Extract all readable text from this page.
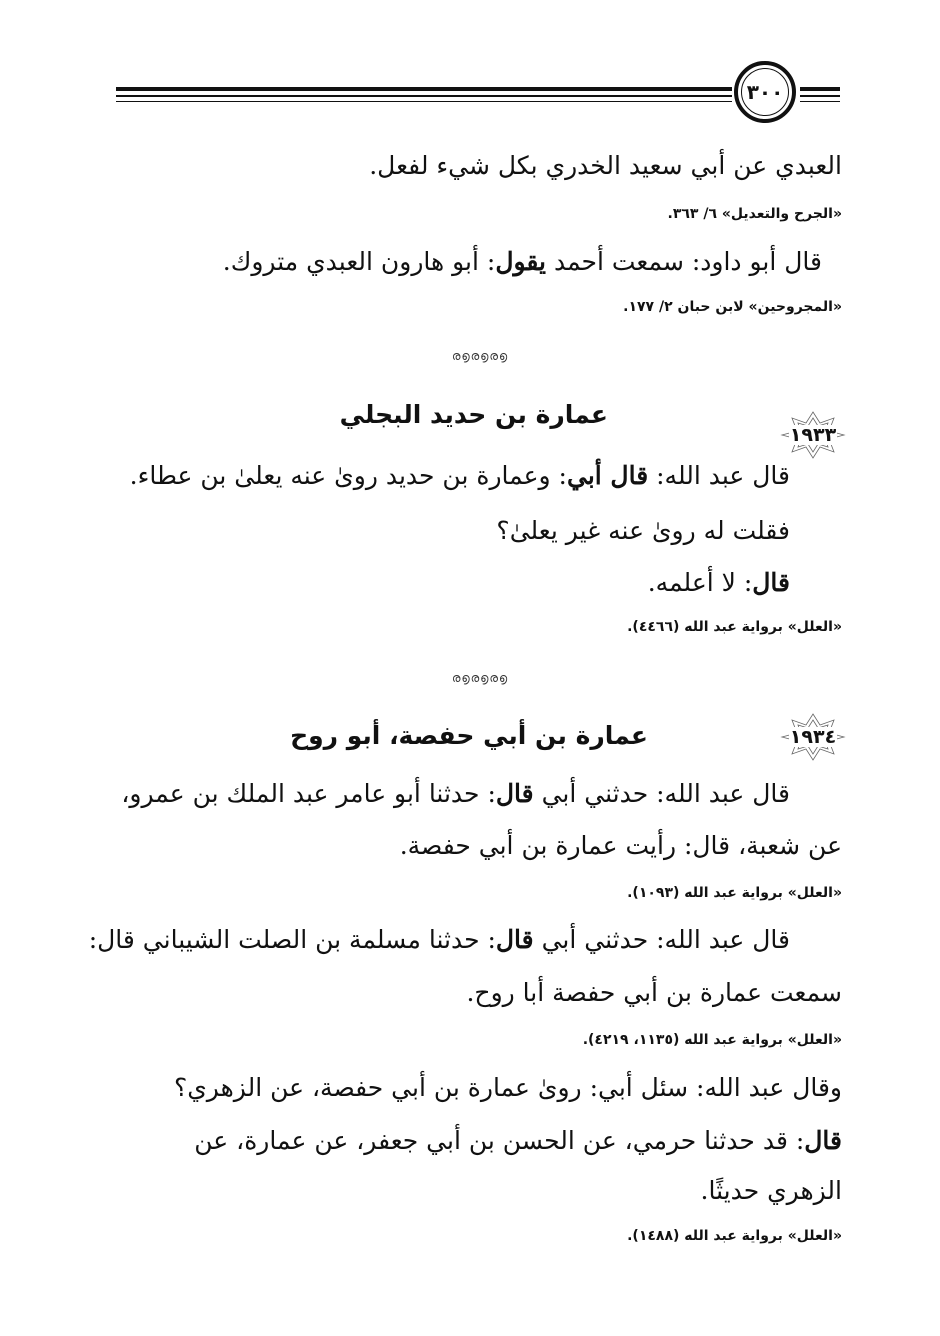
٣٠٠

العبدي عن أبي سعيد الخدري بكل شيء لفعل.

«الجرح والتعديل» ٦/ ٣٦٣.

قال أبو داود: سمعت أحمد يقول: أبو هارون العبدي متروك.

«المجروحين» لابن حبان ٢/ ١٧٧.

ര൭ര൭ര൭
١٩٣٣

عمارة بن حديد البجلي

قال عبد الله: قال أبي: وعمارة بن حديد روىٰ عنه يعلىٰ بن عطاء.

فقلت له روىٰ عنه غير يعلىٰ؟

قال: لا أعلمه.

«العلل» برواية عبد الله (٤٤٦٦).

ര൭ര൭ര൭
١٩٣٤

عمارة بن أبي حفصة، أبو روح

قال عبد الله: حدثني أبي قال: حدثنا أبو عامر عبد الملك بن عمرو،

عن شعبة، قال: رأيت عمارة بن أبي حفصة.

«العلل» برواية عبد الله (١٠٩٣).

قال عبد الله: حدثني أبي قال: حدثنا مسلمة بن الصلت الشيباني قال:

سمعت عمارة بن أبي حفصة أبا روح.

«العلل» برواية عبد الله (١١٣٥، ٤٢١٩).

وقال عبد الله: سئل أبي: روىٰ عمارة بن أبي حفصة، عن الزهري؟

قال: قد حدثنا حرمي، عن الحسن بن أبي جعفر، عن عمارة، عن

الزهري حديثًا.

«العلل» برواية عبد الله (١٤٨٨).
